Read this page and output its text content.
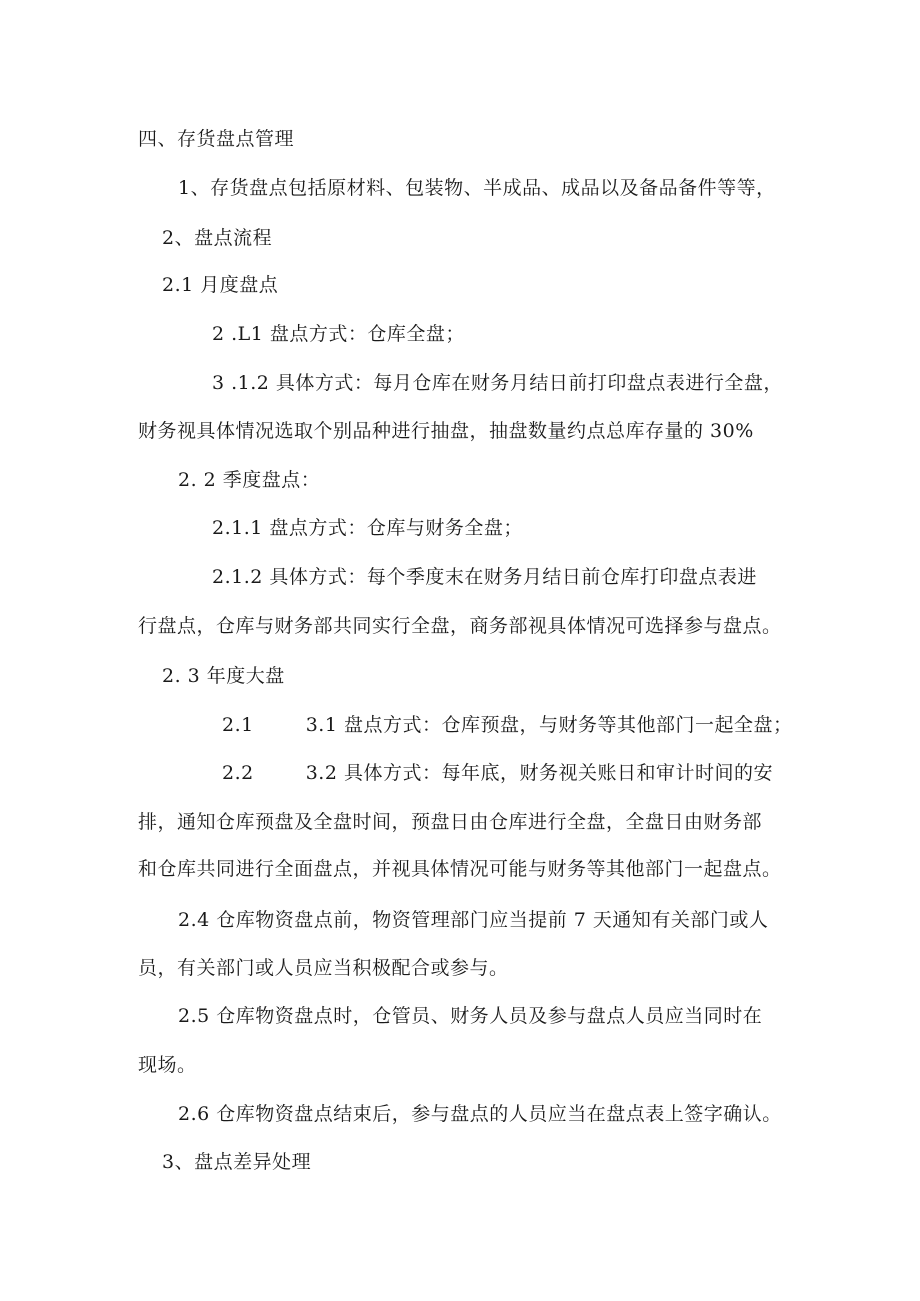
四、存货盘点管理
1、存货盘点包括原材料、包装物、半成品、成品以及备品备件等等，
2、盘点流程
2.1 月度盘点
2 .L1 盘点方式：仓库全盘；
3 .1.2 具体方式：每月仓库在财务月结日前打印盘点表进行全盘，
财务视具体情况选取个别品种进行抽盘，抽盘数量约点总库存量的 30%
2. 2 季度盘点：
2.1.1 盘点方式：仓库与财务全盘；
2.1.2 具体方式：每个季度末在财务月结日前仓库打印盘点表进
行盘点，仓库与财务部共同实行全盘，商务部视具体情况可选择参与盘点。
2. 3 年度大盘
2.1	3.1 盘点方式：仓库预盘，与财务等其他部门一起全盘；
2.2	3.2 具体方式：每年底，财务视关账日和审计时间的安
排，通知仓库预盘及全盘时间，预盘日由仓库进行全盘，全盘日由财务部
和仓库共同进行全面盘点，并视具体情况可能与财务等其他部门一起盘点。
2.4 仓库物资盘点前，物资管理部门应当提前 7 天通知有关部门或人
员，有关部门或人员应当积极配合或参与。
2.5 仓库物资盘点时，仓管员、财务人员及参与盘点人员应当同时在
现场。
2.6 仓库物资盘点结束后，参与盘点的人员应当在盘点表上签字确认。
3、盘点差异处理
